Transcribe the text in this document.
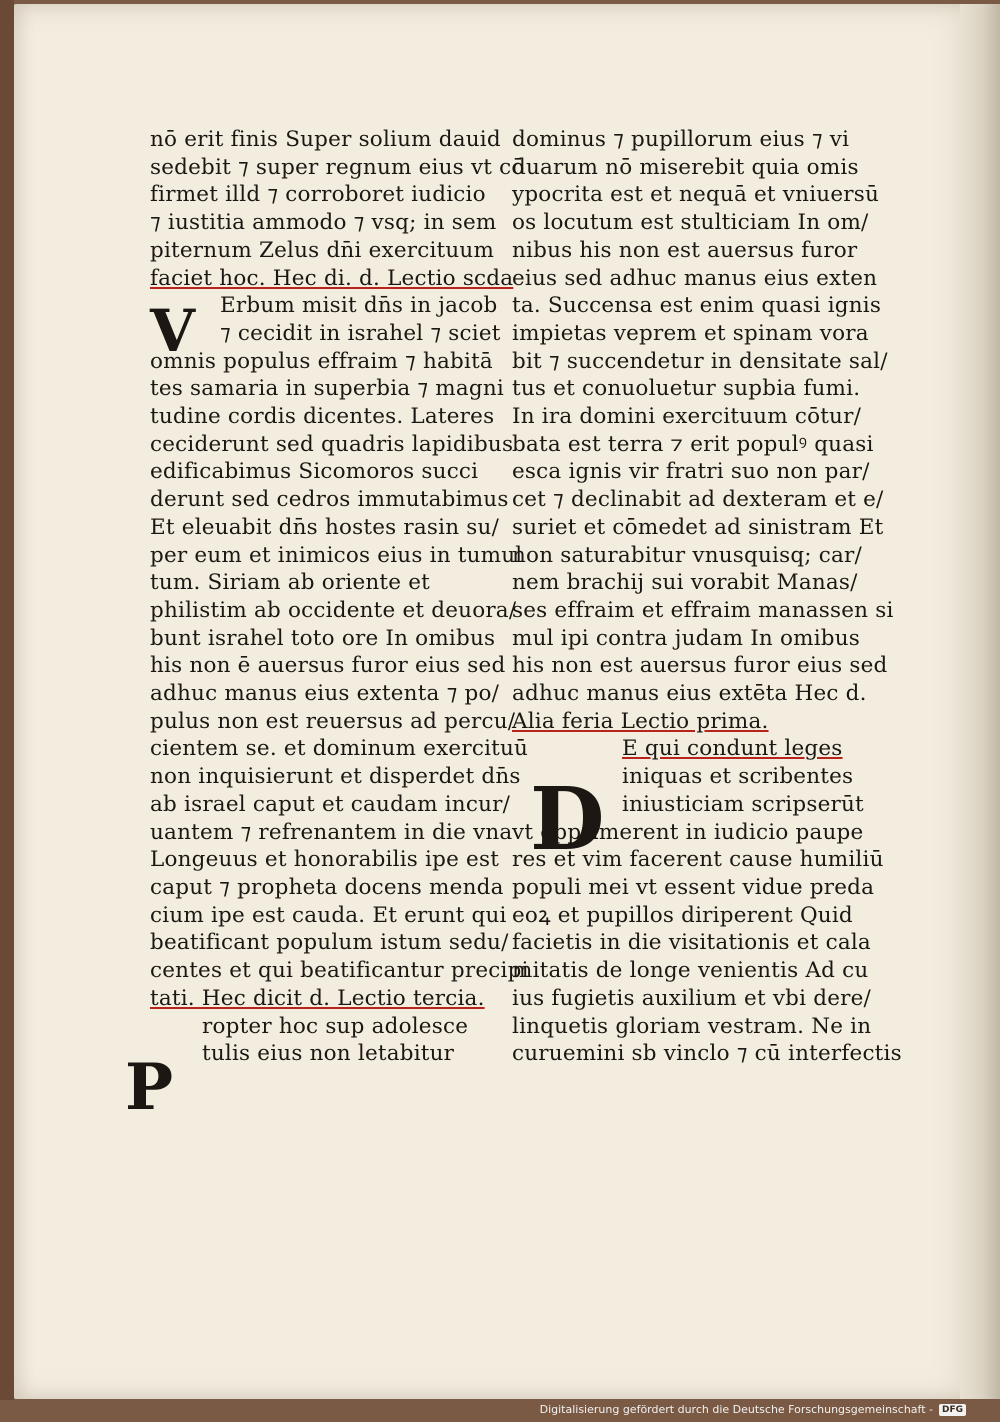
V
D
P
nō erit finis Super solium dauid
sedebit ⁊ super regnum eius vt cō
firmet illd ⁊ corroboret iudicio
⁊ iustitia ammodo ⁊ vsq; in sem
piternum Zelus dn̄i exercituum
faciet hoc. Hec di. d. Lectio scda
Erbum misit dn̄s in jacob
⁊ cecidit in israhel ⁊ sciet
omnis populus effraim ⁊ habitā
tes samaria in superbia ⁊ magni
tudine cordis dicentes. Lateres
ceciderunt sed quadris lapidibus
edificabimus Sicomoros succi
derunt sed cedros immutabimus
Et eleuabit dn̄s hostes rasin su/
per eum et inimicos eius in tumul
tum. Siriam ab oriente et
philistim ab occidente et deuora/
bunt israhel toto ore In omibus
his non ē auersus furor eius sed
adhuc manus eius extenta ⁊ po/
pulus non est reuersus ad percu/
cientem se. et dominum exercituū
non inquisierunt et disperdet dn̄s
ab israel caput et caudam incur/
uantem ⁊ refrenantem in die vna
Longeuus et honorabilis ipe est
caput ⁊ propheta docens menda
cium ipe est cauda. Et erunt qui
beatificant populum istum sedu/
centes et qui beatificantur precipi
tati. Hec dicit d. Lectio tercia.
ropter hoc sup adolesce
tulis eius non letabitur
dominus ⁊ pupillorum eius ⁊ vi
duarum nō miserebit quia omis
ypocrita est et nequā et vniuersū
os locutum est stulticiam In om/
nibus his non est auersus furor
eius sed adhuc manus eius exten
ta. Succensa est enim quasi ignis
impietas veprem et spinam vora
bit ⁊ succendetur in densitate sal/
tus et conuoluetur supbia fumi.
In ira domini exercituum cōtur/
bata est terra ⁊ erit populꝰ quasi
esca ignis vir fratri suo non par/
cet ⁊ declinabit ad dexteram et e/
suriet et cōmedet ad sinistram Et
non saturabitur vnusquisq; car/
nem brachij sui vorabit Manas/
ses effraim et effraim manassen si
mul ipi contra judam In omibus
his non est auersus furor eius sed
adhuc manus eius extēta Hec d.
Alia feria Lectio prima.
E qui condunt leges
iniquas et scribentes
iniusticiam scripserūt
vt opprimerent in iudicio paupe
res et vim facerent cause humiliū
populi mei vt essent vidue preda
eoꝝ et pupillos diriperent Quid
facietis in die visitationis et cala
mitatis de longe venientis Ad cu
ius fugietis auxilium et vbi dere/
linquetis gloriam vestram. Ne in
curuemini sb vinclo ⁊ cū interfectis
Digitalisierung gefördert durch die Deutsche Forschungsgemeinschaft -	DFG
